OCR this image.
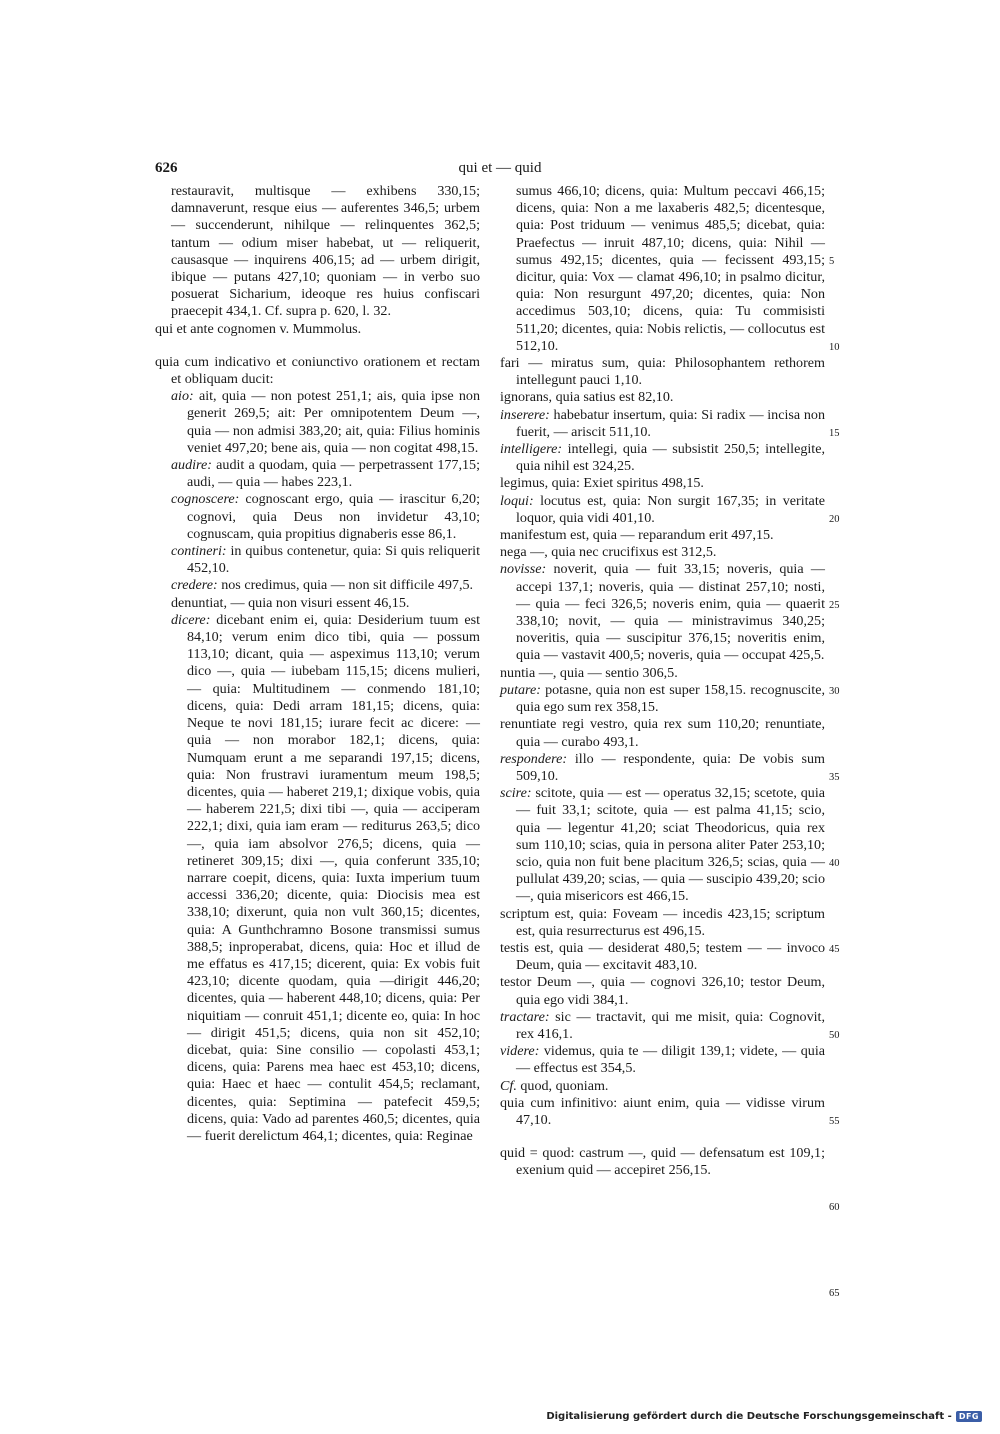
626	qui et — quid
restauravit, multisque — exhibens 330,15; damnaverunt, resque eius — auferentes 346,5; urbem — succenderunt, nihilque — relinquentes 362,5; tantum — odium miser habebat, ut — reliquerit, causasque — inquirens 406,15; ad — urbem dirigit, ibique — putans 427,10; quoniam — in verbo suo posuerat Sicharium, ideoque res huius confiscari praecepit 434,1. Cf. supra p. 620, l. 32.
qui et ante cognomen v. Mummolus.
quia cum indicativo et coniunctivo orationem et rectam et obliquam ducit:
aio: ait, quia — non potest 251,1; ais, quia ipse non generit 269,5; ait: Per omnipotentem Deum —, quia — non admisi 383,20; ait, quia: Filius hominis veniet 497,20; bene ais, quia — non cogitat 498,15.
audire: audit a quodam, quia — perpetrassent 177,15; audi, — quia — habes 223,1.
cognoscere: cognoscant ergo, quia — irascitur 6,20; cognovi, quia Deus non invidetur 43,10; cognuscam, quia propitius dignaberis esse 86,1.
contineri: in quibus contenetur, quia: Si quis reliquerit 452,10.
credere: nos credimus, quia — non sit difficile 497,5.
denuntiat, — quia non visuri essent 46,15.
dicere: dicebant enim ei, quia: Desiderium tuum est 84,10; verum enim dico tibi, quia — possum 113,10; dicant, quia — aspeximus 113,10; verum dico —, quia — iubebam 115,15; dicens mulieri, — quia: Multitudinem — conmendo 181,10; dicens, quia: Dedi arram 181,15; dicens, quia: Neque te novi 181,15; iurare fecit ac dicere: — quia — non morabor 182,1; dicens, quia: Numquam erunt a me separandi 197,15; dicens, quia: Non frustravi iuramentum meum 198,5; dicentes, quia — haberet 219,1; dixique vobis, quia — haberem 221,5; dixi tibi —, quia — acciperam 222,1; dixi, quia iam eram — rediturus 263,5; dico —, quia iam absolvor 276,5; dicens, quia — retineret 309,15; dixi —, quia conferunt 335,10; narrare coepit, dicens, quia: Iuxta imperium tuum accessi 336,20; dicente, quia: Diocisis mea est 338,10; dixerunt, quia non vult 360,15; dicentes, quia: A Gunthchramno Bosone transmissi sumus 388,5; inproperabat, dicens, quia: Hoc et illud de me effatus es 417,15; dicerent, quia: Ex vobis fuit 423,10; dicente quodam, quia —dirigit 446,20; dicentes, quia — haberent 448,10; dicens, quia: Per niquitiam — conruit 451,1; dicente eo, quia: In hoc — dirigit 451,5; dicens, quia non sit 452,10; dicebat, quia: Sine consilio — copolasti 453,1; dicens, quia: Parens mea haec est 453,10; dicens, quia: Haec et haec — contulit 454,5; reclamant, dicentes, quia: Septimina — patefecit 459,5; dicens, quia: Vado ad parentes 460,5; dicentes, quia — fuerit derelictum 464,1; dicentes, quia: Reginae
sumus 466,10; dicens, quia: Multum peccavi 466,15; dicens, quia: Non a me laxaberis 482,5; dicentesque, quia: Post triduum — venimus 485,5; dicebat, quia: Praefectus — inruit 487,10; dicens, quia: Nihil — sumus 492,15; dicentes, quia — fecissent 493,15; dicitur, quia: Vox — clamat 496,10; in psalmo dicitur, quia: Non resurgunt 497,20; dicentes, quia: Non accedimus 503,10; dicens, quia: Tu commisisti 511,20; dicentes, quia: Nobis relictis, — collocutus est 512,10.
fari — miratus sum, quia: Philosophantem rethorem intellegunt pauci 1,10.
ignorans, quia satius est 82,10.
inserere: habebatur insertum, quia: Si radix — incisa non fuerit, — ariscit 511,10.
intelligere: intellegi, quia — subsistit 250,5; intellegite, quia nihil est 324,25.
legimus, quia: Exiet spiritus 498,15.
loqui: locutus est, quia: Non surgit 167,35; in veritate loquor, quia vidi 401,10.
manifestum est, quia — reparandum erit 497,15.
nega —, quia nec crucifixus est 312,5.
novisse: noverit, quia — fuit 33,15; noveris, quia — accepi 137,1; noveris, quia — distinat 257,10; nosti, — quia — feci 326,5; noveris enim, quia — quaerit 338,10; novit, — quia — ministravimus 340,25; noveritis, quia — suscipitur 376,15; noveritis enim, quia — vastavit 400,5; noveris, quia — occupat 425,5.
nuntia —, quia — sentio 306,5.
putare: potasne, quia non est super 158,15. recognuscite, quia ego sum rex 358,15.
renuntiate regi vestro, quia rex sum 110,20; renuntiate, quia — curabo 493,1.
respondere: illo — respondente, quia: De vobis sum 509,10.
scire: scitote, quia — est — operatus 32,15; scetote, quia — fuit 33,1; scitote, quia — est palma 41,15; scio, quia — legentur 41,20; sciat Theodoricus, quia rex sum 110,10; scias, quia in persona aliter Pater 253,10; scio, quia non fuit bene placitum 326,5; scias, quia — pullulat 439,20; scias, — quia — suscipio 439,20; scio —, quia misericors est 466,15.
scriptum est, quia: Foveam — incedis 423,15; scriptum est, quia resurrecturus est 496,15.
testis est, quia — desiderat 480,5; testem — — invoco Deum, quia — excitavit 483,10.
testor Deum —, quia — cognovi 326,10; testor Deum, quia ego vidi 384,1.
tractare: sic — tractavit, qui me misit, quia: Cognovit, rex 416,1.
videre: videmus, quia te — diligit 139,1; videte, — quia — effectus est 354,5.
Cf. quod, quoniam.
quia cum infinitivo: aiunt enim, quia — vidisse virum 47,10.
quid = quod: castrum —, quid — defensatum est 109,1; exenium quid — accepiret 256,15.
5
10
15
20
25
30
35
40
45
50
55
60
65
Digitalisierung gefördert durch die Deutsche Forschungsgemeinschaft - DFG
